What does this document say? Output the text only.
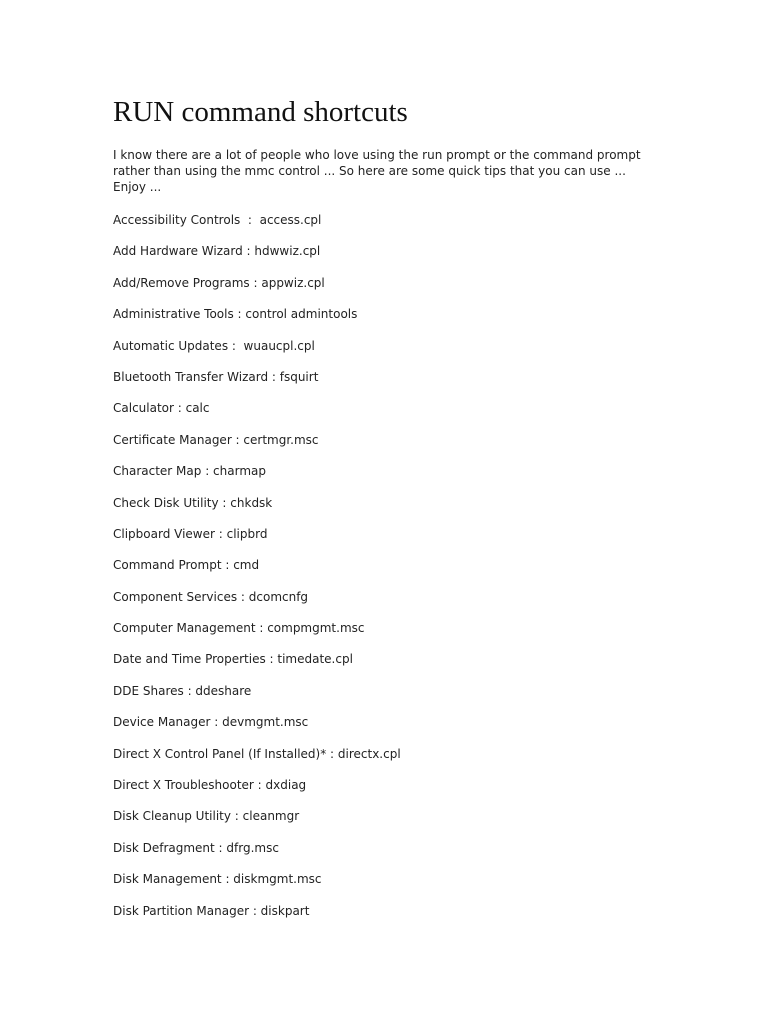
RUN command shortcuts

I know there are a lot of people who love using the run prompt or the command prompt rather than using the mmc control ... So here are some quick tips that you can use ... Enjoy ...

Accessibility Controls  :  access.cpl
Add Hardware Wizard : hdwwiz.cpl
Add/Remove Programs : appwiz.cpl
Administrative Tools : control admintools
Automatic Updates :  wuaucpl.cpl
Bluetooth Transfer Wizard : fsquirt
Calculator : calc
Certificate Manager : certmgr.msc
Character Map : charmap
Check Disk Utility : chkdsk
Clipboard Viewer : clipbrd
Command Prompt : cmd
Component Services : dcomcnfg
Computer Management : compmgmt.msc
Date and Time Properties : timedate.cpl
DDE Shares : ddeshare
Device Manager : devmgmt.msc
Direct X Control Panel (If Installed)* : directx.cpl
Direct X Troubleshooter : dxdiag
Disk Cleanup Utility : cleanmgr
Disk Defragment : dfrg.msc
Disk Management : diskmgmt.msc
Disk Partition Manager : diskpart
